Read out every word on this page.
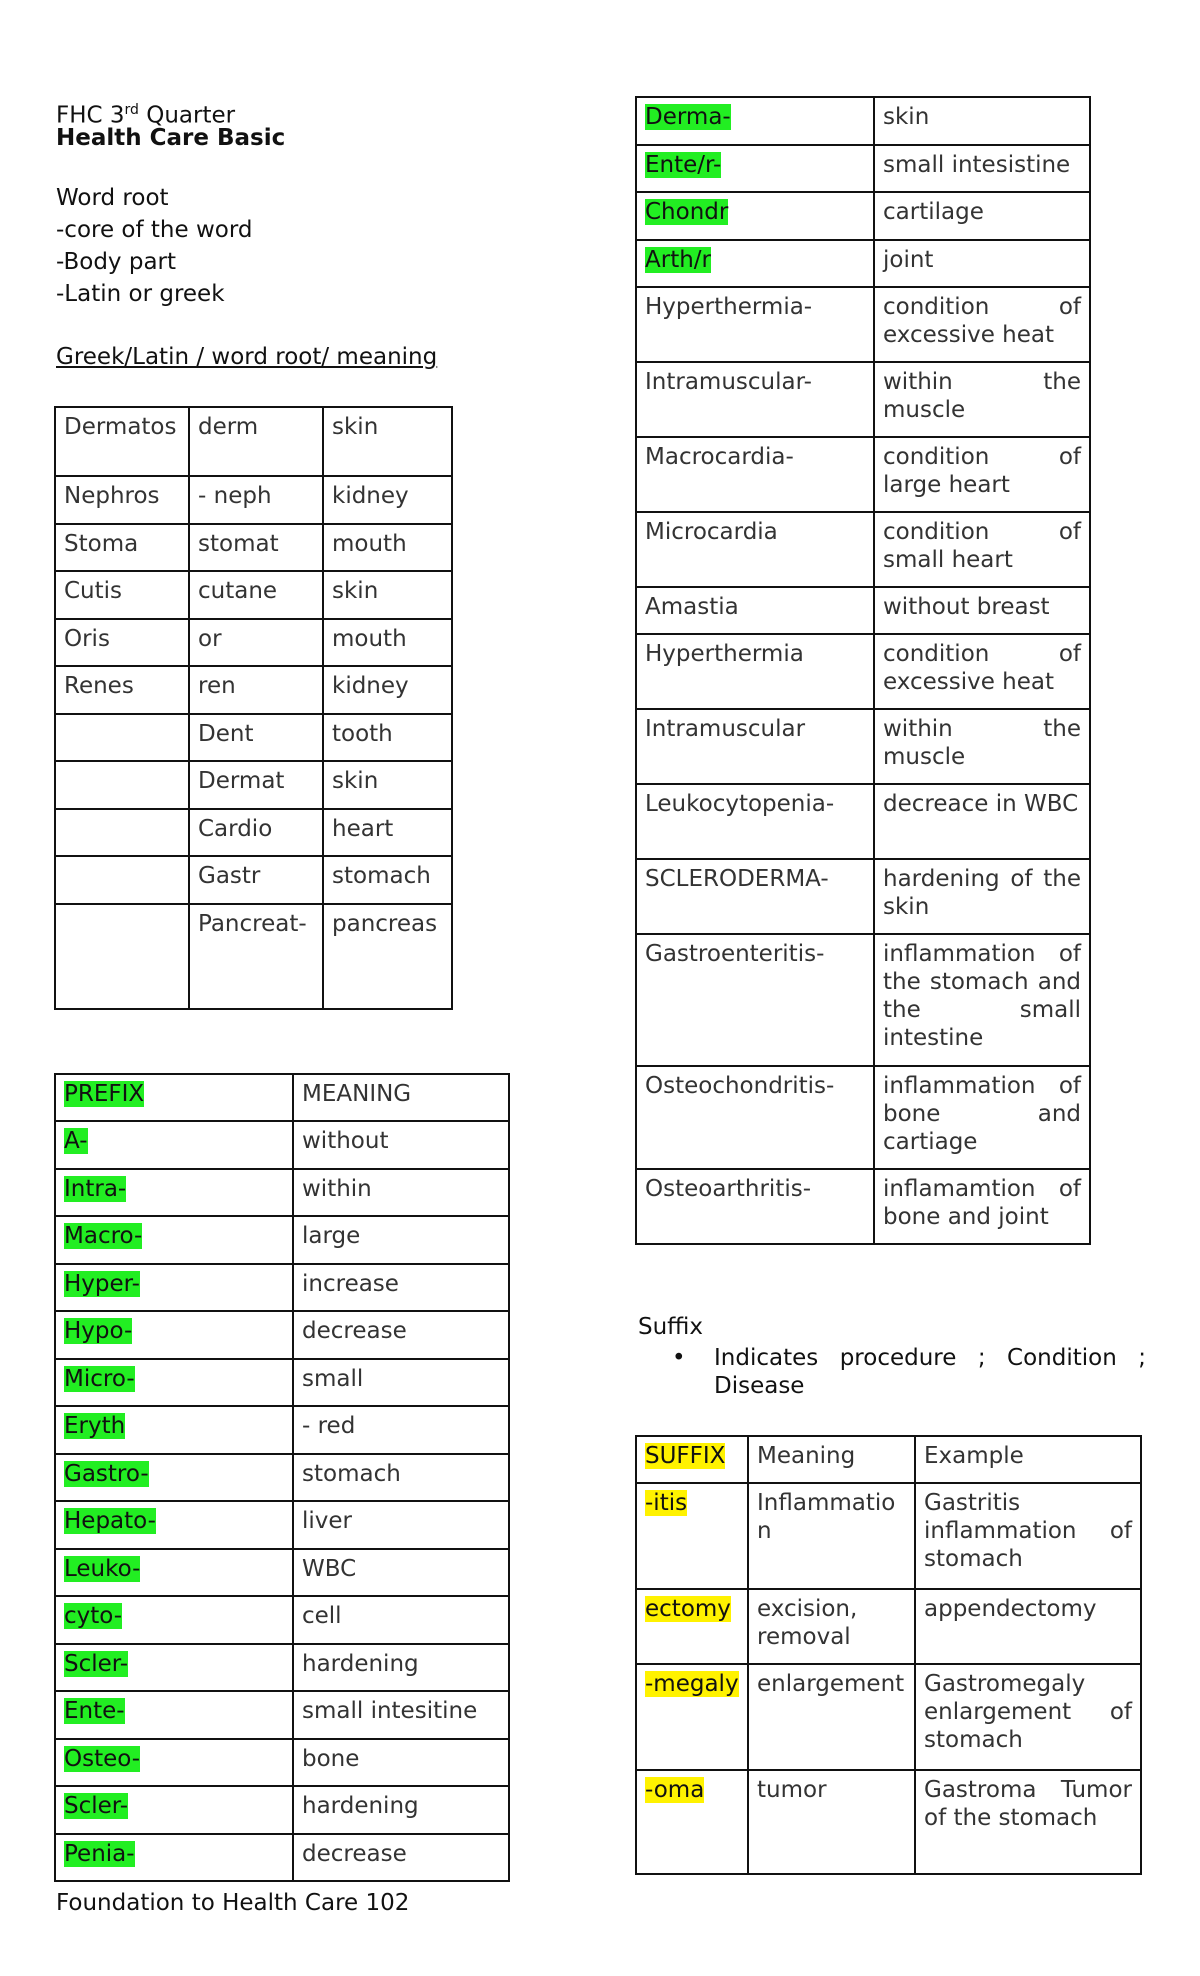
FHC 3rd Quarter
Health Care Basic
Word root
-core of the word
-Body part
-Latin or greek
Greek/Latin / word root/ meaning
Dermatos	derm	skin
Nephros	- neph	kidney
Stoma	stomat	mouth
Cutis	cutane	skin
Oris	or	mouth
Renes	ren	kidney
	Dent	tooth
	Dermat	skin
	Cardio	heart
	Gastr	stomach
	Pancreat-	pancreas
PREFIX	MEANING
A-	without
Intra-	within
Macro-	large
Hyper-	increase
Hypo-	decrease
Micro-	small
Eryth	- red
Gastro-	stomach
Hepato-	liver
Leuko-	WBC
cyto-	cell
Scler-	hardening
Ente-	small intesitine
Osteo-	bone
Scler-	hardening
Penia-	decrease
Foundation to Health Care 102
Derma-	skin
Ente/r-	small intesistine
Chondr	cartilage
Arth/r	joint
Hyperthermia-	condition of excessive heat
Intramuscular-	within the muscle
Macrocardia-	condition of large heart
Microcardia	condition of small heart
Amastia	without breast
Hyperthermia	condition of excessive heat
Intramuscular	within the muscle
Leukocytopenia-	decreace in WBC
SCLERODERMA-	hardening of the skin
Gastroenteritis-	inflammation of the stomach and the small intestine
Osteochondritis-	inflammation of bone and cartiage
Osteoarthritis-	inflamamtion of bone and joint
Suffix
• Indicates procedure ; Condition ; Disease
SUFFIX	Meaning	Example
-itis	Inflammation	Gastritis inflammation of stomach
ectomy	excision, removal	appendectomy
-megaly	enlargement	Gastromegaly enlargement of stomach
-oma	tumor	Gastroma Tumor of the stomach
